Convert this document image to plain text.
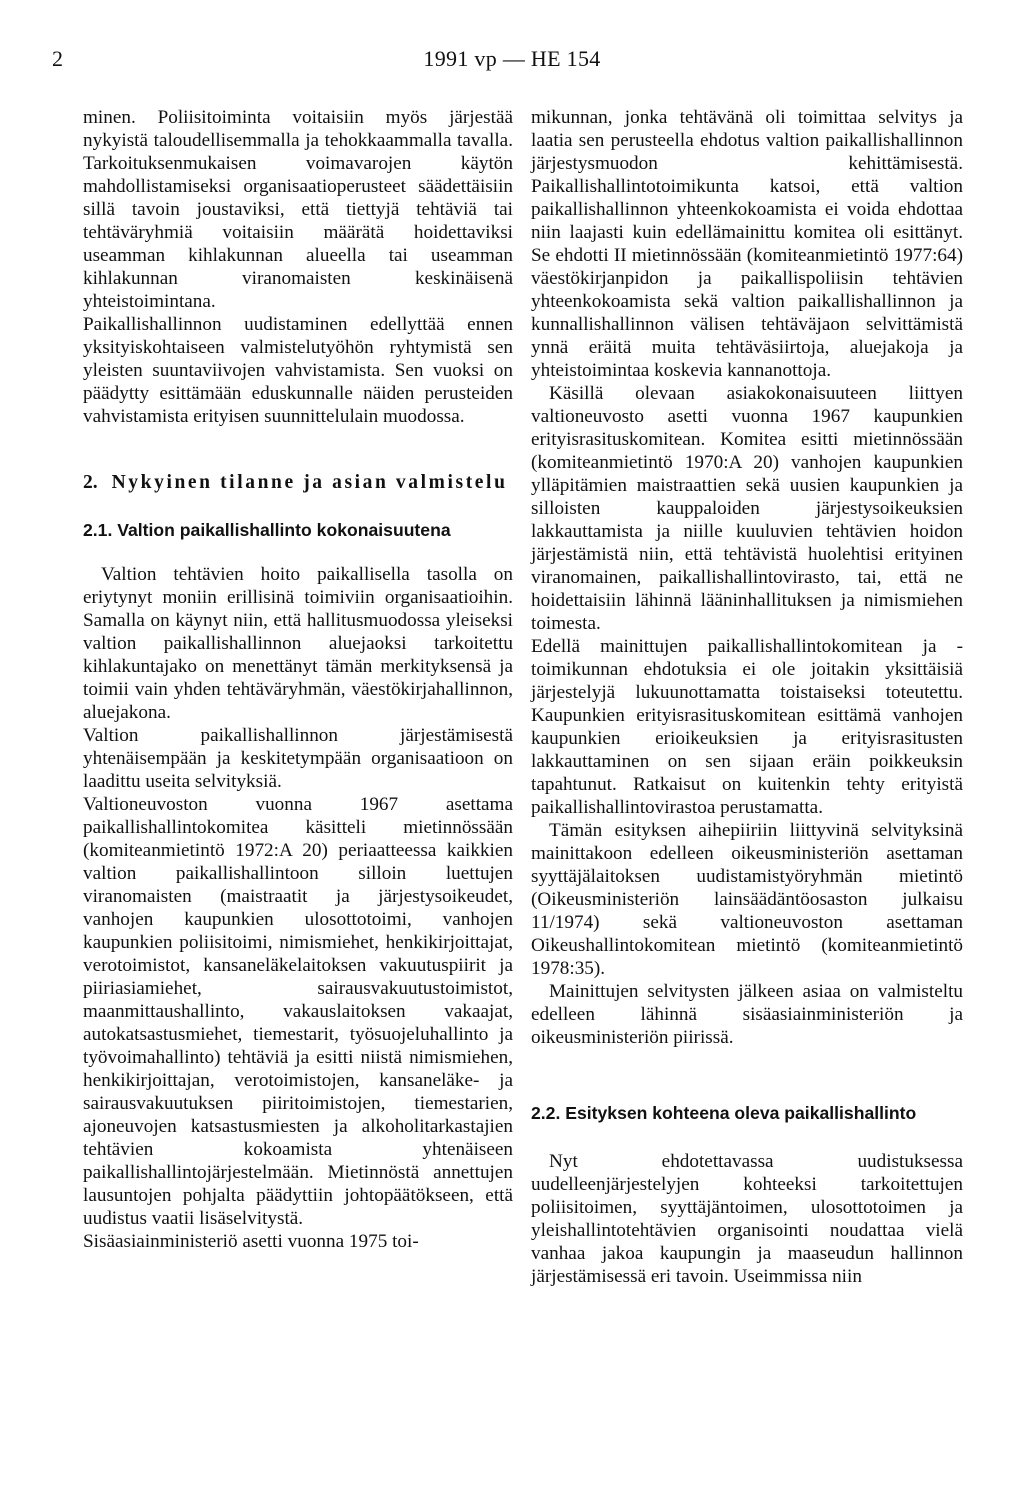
2	1991 vp — HE 154

minen. Poliisitoiminta voitaisiin myös järjestää nykyistä taloudellisemmalla ja tehokkaammalla tavalla. Tarkoituksenmukaisen voimavarojen käytön mahdollistamiseksi organisaatioperusteet säädettäisiin sillä tavoin joustaviksi, että tiettyjä tehtäviä tai tehtäväryhmiä voitaisiin määrätä hoidettaviksi useamman kihlakunnan alueella tai useamman kihlakunnan viranomaisten keskinäisenä yhteistoimintana.

Paikallishallinnon uudistaminen edellyttää ennen yksityiskohtaiseen valmistelutyöhön ryhtymistä sen yleisten suuntaviivojen vahvistamista. Sen vuoksi on päädytty esittämään eduskunnalle näiden perusteiden vahvistamista erityisen suunnittelulain muodossa.

2. Nykyinen tilanne ja asian valmistelu
2.1. Valtion paikallishallinto kokonaisuutena

Valtion tehtävien hoito paikallisella tasolla on eriytynyt moniin erillisinä toimiviin organisaatioihin. Samalla on käynyt niin, että hallitusmuodossa yleiseksi valtion paikallishallinnon aluejaoksi tarkoitettu kihlakuntajako on menettänyt tämän merkityksensä ja toimii vain yhden tehtäväryhmän, väestökirjahallinnon, aluejakona.

Valtion paikallishallinnon järjestämisestä yhtenäisempään ja keskitetympään organisaatioon on laadittu useita selvityksiä.

Valtioneuvoston vuonna 1967 asettama paikallishallintokomitea käsitteli mietinnössään (komiteanmietintö 1972:A 20) periaatteessa kaikkien valtion paikallishallintoon silloin luettujen viranomaisten (maistraatit ja järjestysoikeudet, vanhojen kaupunkien ulosottotoimi, vanhojen kaupunkien poliisitoimi, nimismiehet, henkikirjoittajat, verotoimistot, kansaneläkelaitoksen vakuutuspiirit ja piiriasiamiehet, sairausvakuutustoimistot, maanmittaushallinto, vakauslaitoksen vakaajat, autokatsastusmiehet, tiemestarit, työsuojeluhallinto ja työvoimahallinto) tehtäviä ja esitti niistä nimismiehen, henkikirjoittajan, verotoimistojen, kansaneläke- ja sairausvakuutuksen piiritoimistojen, tiemestarien, ajoneuvojen katsastusmiesten ja alkoholitarkastajien tehtävien kokoamista yhtenäiseen paikallishallintojärjestelmään. Mietinnöstä annettujen lausuntojen pohjalta päädyttiin johtopäätökseen, että uudistus vaatii lisäselvitystä.

Sisäasiainministeriö asetti vuonna 1975 toi-

mikunnan, jonka tehtävänä oli toimittaa selvitys ja laatia sen perusteella ehdotus valtion paikallishallinnon järjestysmuodon kehittämisestä. Paikallishallintotoimikunta katsoi, että valtion paikallishallinnon yhteenkokoamista ei voida ehdottaa niin laajasti kuin edellämainittu komitea oli esittänyt. Se ehdotti II mietinnössään (komiteanmietintö 1977:64) väestökirjanpidon ja paikallispoliisin tehtävien yhteenkokoamista sekä valtion paikallishallinnon ja kunnallishallinnon välisen tehtäväjaon selvittämistä ynnä eräitä muita tehtäväsiirtoja, aluejakoja ja yhteistoimintaa koskevia kannanottoja.

Käsillä olevaan asiakokonaisuuteen liittyen valtioneuvosto asetti vuonna 1967 kaupunkien erityisrasituskomitean. Komitea esitti mietinnössään (komiteanmietintö 1970:A 20) vanhojen kaupunkien ylläpitämien maistraattien sekä uusien kaupunkien ja silloisten kauppaloiden järjestysoikeuksien lakkauttamista ja niille kuuluvien tehtävien hoidon järjestämistä niin, että tehtävistä huolehtisi erityinen viranomainen, paikallishallintovirasto, tai, että ne hoidettaisiin lähinnä lääninhallituksen ja nimismiehen toimesta.

Edellä mainittujen paikallishallintokomitean ja -toimikunnan ehdotuksia ei ole joitakin yksittäisiä järjestelyjä lukuunottamatta toistaiseksi toteutettu. Kaupunkien erityisrasituskomitean esittämä vanhojen kaupunkien erioikeuksien ja erityisrasitusten lakkauttaminen on sen sijaan eräin poikkeuksin tapahtunut. Ratkaisut on kuitenkin tehty erityistä paikallishallintovirastoa perustamatta.

Tämän esityksen aihepiiriin liittyvinä selvityksinä mainittakoon edelleen oikeusministeriön asettaman syyttäjälaitoksen uudistamistyöryhmän mietintö (Oikeusministeriön lainsäädäntöosaston julkaisu 11/1974) sekä valtioneuvoston asettaman Oikeushallintokomitean mietintö (komiteanmietintö 1978:35).

Mainittujen selvitysten jälkeen asiaa on valmisteltu edelleen lähinnä sisäasiainministeriön ja oikeusministeriön piirissä.

2.2. Esityksen kohteena oleva paikallishallinto

Nyt ehdotettavassa uudistuksessa uudelleenjärjestelyjen kohteeksi tarkoitettujen poliisitoimen, syyttäjäntoimen, ulosottotoimen ja yleishallintotehtävien organisointi noudattaa vielä vanhaa jakoa kaupungin ja maaseudun hallinnon järjestämisessä eri tavoin. Useimmissa niin
